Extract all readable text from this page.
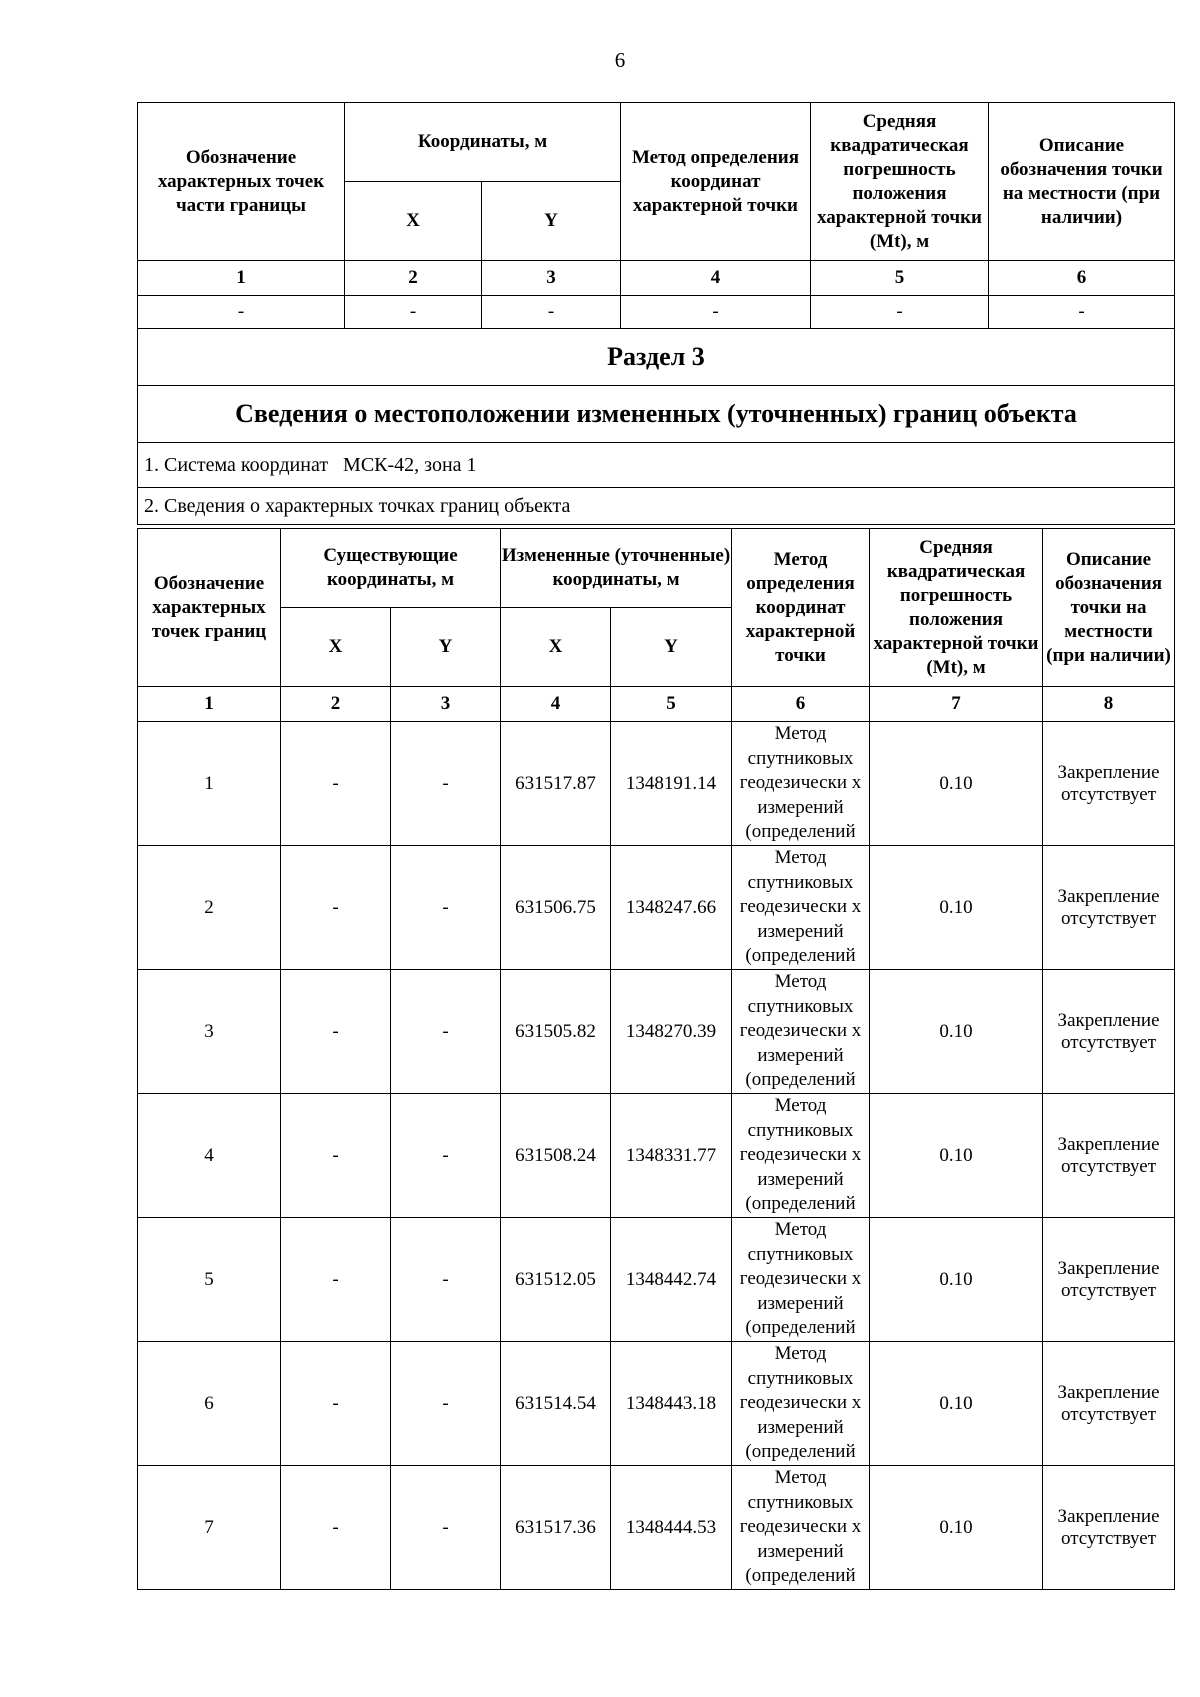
6
Обозначение характерных точек части границы	Координаты, м		Метод определения координат характерной точки	Средняя квадратическая погрешность положения характерной точки (Mt), м	Описание обозначения точки на местности (при наличии)
	X	Y			
1	2	3	4	5	6
-	-	-	-	-	-
Раздел 3					
Сведения о местоположении измененных (уточненных) границ объекта					
1. Система координат   МСК-42, зона 1					
2. Сведения о характерных точках границ объекта					
Обозначение характерных точек границ	Существующие координаты, м		Измененные (уточненные) координаты, м		Метод определения координат характерной точки	Средняя квадратическая погрешность положения характерной точки (Mt), м	Описание обозначения точки на местности (при наличии)
	X	Y	X	Y			
1	2	3	4	5	6	7	8
1	-	-	631517.87	1348191.14	Метод спутниковых геодезически х измерений (определений	0.10	Закрепление отсутствует
2	-	-	631506.75	1348247.66	Метод спутниковых геодезически х измерений (определений	0.10	Закрепление отсутствует
3	-	-	631505.82	1348270.39	Метод спутниковых геодезически х измерений (определений	0.10	Закрепление отсутствует
4	-	-	631508.24	1348331.77	Метод спутниковых геодезически х измерений (определений	0.10	Закрепление отсутствует
5	-	-	631512.05	1348442.74	Метод спутниковых геодезически х измерений (определений	0.10	Закрепление отсутствует
6	-	-	631514.54	1348443.18	Метод спутниковых геодезически х измерений (определений	0.10	Закрепление отсутствует
7	-	-	631517.36	1348444.53	Метод спутниковых геодезически х измерений (определений	0.10	Закрепление отсутствует
